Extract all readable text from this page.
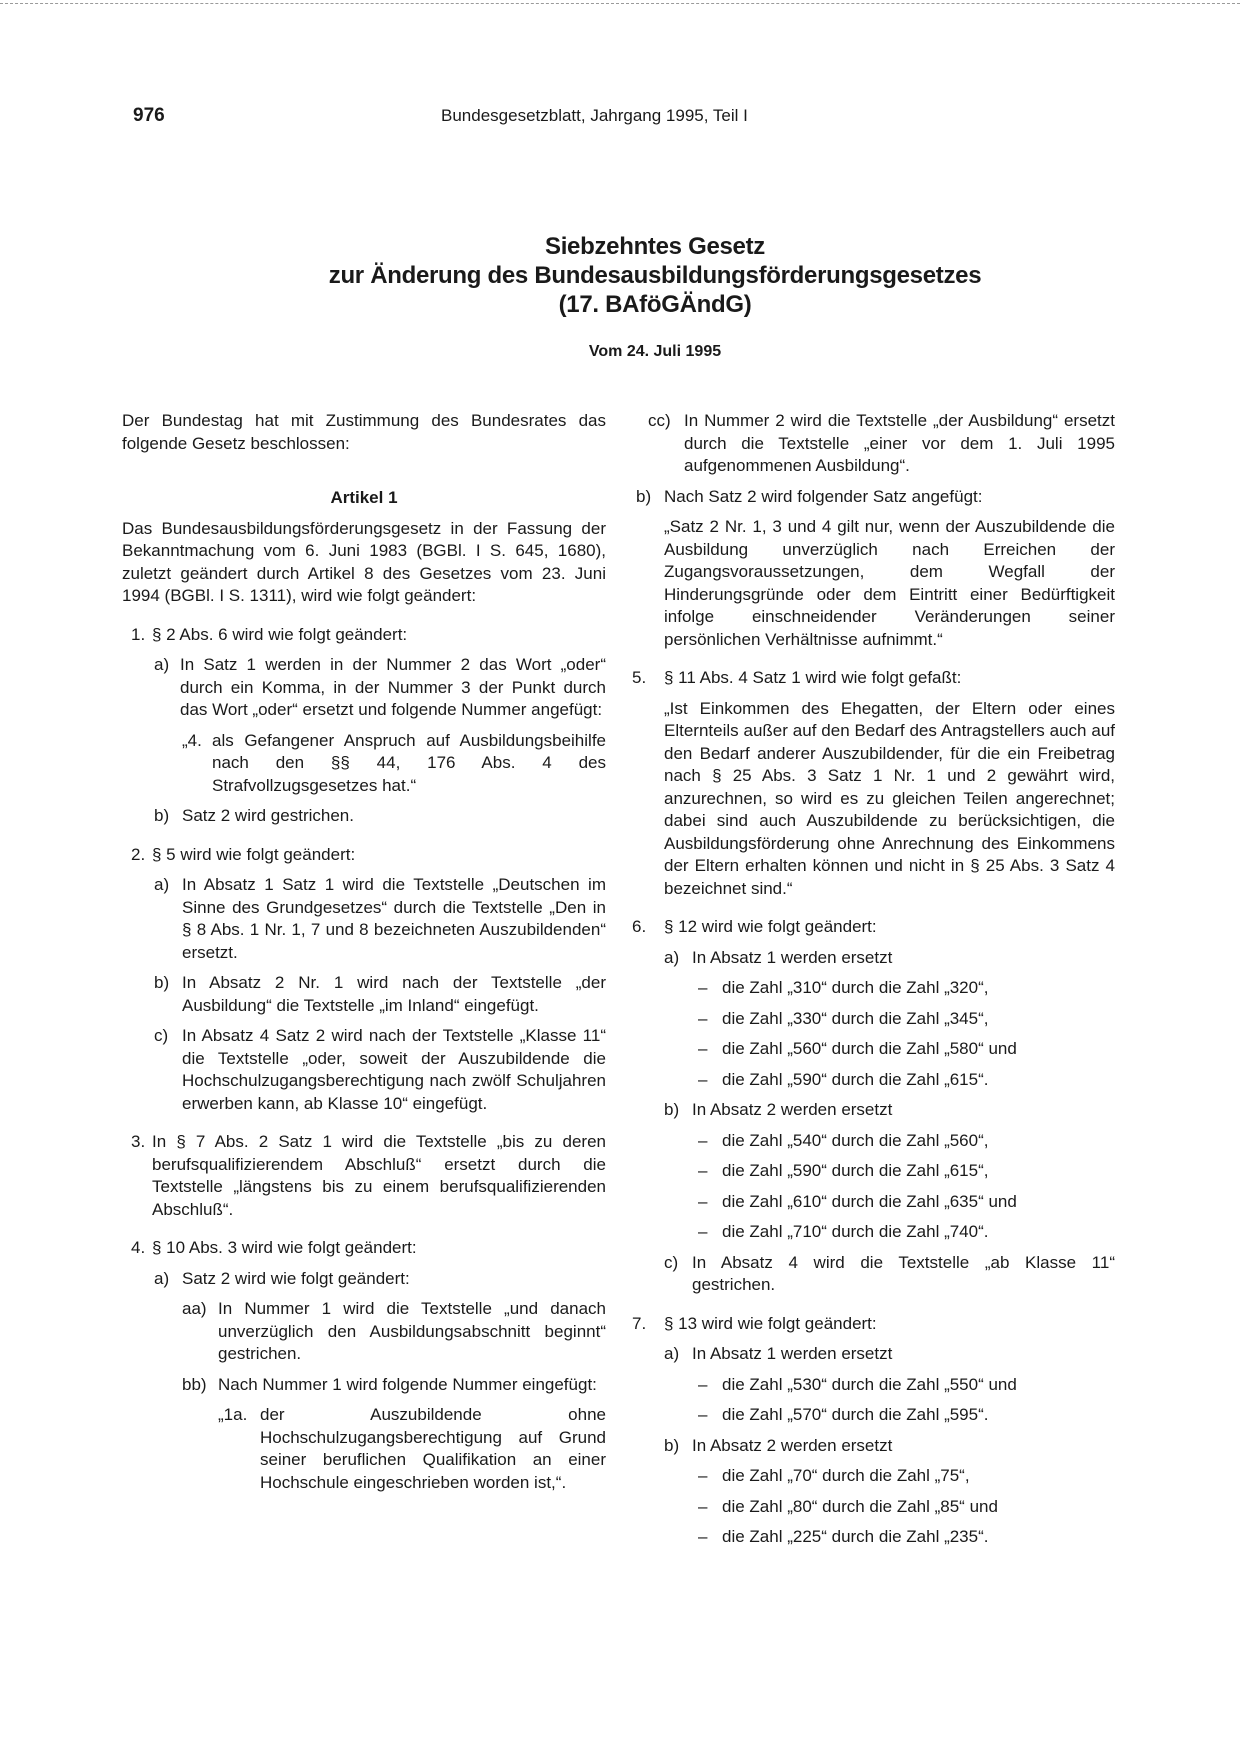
976	Bundesgesetzblatt, Jahrgang 1995, Teil I
Siebzehntes Gesetz
zur Änderung des Bundesausbildungsförderungsgesetzes
(17. BAföGÄndG)
Vom 24. Juli 1995

Der Bundestag hat mit Zustimmung des Bundesrates das folgende Gesetz beschlossen:

Artikel 1

Das Bundesausbildungsförderungsgesetz in der Fassung der Bekanntmachung vom 6. Juni 1983 (BGBl. I S. 645, 1680), zuletzt geändert durch Artikel 8 des Gesetzes vom 23. Juni 1994 (BGBl. I S. 1311), wird wie folgt geändert:

1. § 2 Abs. 6 wird wie folgt geändert:
a) In Satz 1 werden in der Nummer 2 das Wort „oder“ durch ein Komma, in der Nummer 3 der Punkt durch das Wort „oder“ ersetzt und folgende Nummer angefügt:
„4. als Gefangener Anspruch auf Ausbildungsbeihilfe nach den §§ 44, 176 Abs. 4 des Strafvollzugsgesetzes hat.“
b) Satz 2 wird gestrichen.
2. § 5 wird wie folgt geändert:
a) In Absatz 1 Satz 1 wird die Textstelle „Deutschen im Sinne des Grundgesetzes“ durch die Textstelle „Den in § 8 Abs. 1 Nr. 1, 7 und 8 bezeichneten Auszubildenden“ ersetzt.
b) In Absatz 2 Nr. 1 wird nach der Textstelle „der Ausbildung“ die Textstelle „im Inland“ eingefügt.
c) In Absatz 4 Satz 2 wird nach der Textstelle „Klasse 11“ die Textstelle „oder, soweit der Auszubildende die Hochschulzugangsberechtigung nach zwölf Schuljahren erwerben kann, ab Klasse 10“ eingefügt.
3. In § 7 Abs. 2 Satz 1 wird die Textstelle „bis zu deren berufsqualifizierendem Abschluß“ ersetzt durch die Textstelle „längstens bis zu einem berufsqualifizierenden Abschluß“.
4. § 10 Abs. 3 wird wie folgt geändert:
a) Satz 2 wird wie folgt geändert:
aa) In Nummer 1 wird die Textstelle „und danach unverzüglich den Ausbildungsabschnitt beginnt“ gestrichen.
bb) Nach Nummer 1 wird folgende Nummer eingefügt:
„1a. der Auszubildende ohne Hochschulzugangsberechtigung auf Grund seiner beruflichen Qualifikation an einer Hochschule eingeschrieben worden ist,“.
cc) In Nummer 2 wird die Textstelle „der Ausbildung“ ersetzt durch die Textstelle „einer vor dem 1. Juli 1995 aufgenommenen Ausbildung“.
b) Nach Satz 2 wird folgender Satz angefügt:
„Satz 2 Nr. 1, 3 und 4 gilt nur, wenn der Auszubildende die Ausbildung unverzüglich nach Erreichen der Zugangsvoraussetzungen, dem Wegfall der Hinderungsgründe oder dem Eintritt einer Bedürftigkeit infolge einschneidender Veränderungen seiner persönlichen Verhältnisse aufnimmt.“
5. § 11 Abs. 4 Satz 1 wird wie folgt gefaßt:
„Ist Einkommen des Ehegatten, der Eltern oder eines Elternteils außer auf den Bedarf des Antragstellers auch auf den Bedarf anderer Auszubildender, für die ein Freibetrag nach § 25 Abs. 3 Satz 1 Nr. 1 und 2 gewährt wird, anzurechnen, so wird es zu gleichen Teilen angerechnet; dabei sind auch Auszubildende zu berücksichtigen, die Ausbildungsförderung ohne Anrechnung des Einkommens der Eltern erhalten können und nicht in § 25 Abs. 3 Satz 4 bezeichnet sind.“
6. § 12 wird wie folgt geändert:
a) In Absatz 1 werden ersetzt
– die Zahl „310“ durch die Zahl „320“,
– die Zahl „330“ durch die Zahl „345“,
– die Zahl „560“ durch die Zahl „580“ und
– die Zahl „590“ durch die Zahl „615“.
b) In Absatz 2 werden ersetzt
– die Zahl „540“ durch die Zahl „560“,
– die Zahl „590“ durch die Zahl „615“,
– die Zahl „610“ durch die Zahl „635“ und
– die Zahl „710“ durch die Zahl „740“.
c) In Absatz 4 wird die Textstelle „ab Klasse 11“ gestrichen.
7. § 13 wird wie folgt geändert:
a) In Absatz 1 werden ersetzt
– die Zahl „530“ durch die Zahl „550“ und
– die Zahl „570“ durch die Zahl „595“.
b) In Absatz 2 werden ersetzt
– die Zahl „70“ durch die Zahl „75“,
– die Zahl „80“ durch die Zahl „85“ und
– die Zahl „225“ durch die Zahl „235“.
